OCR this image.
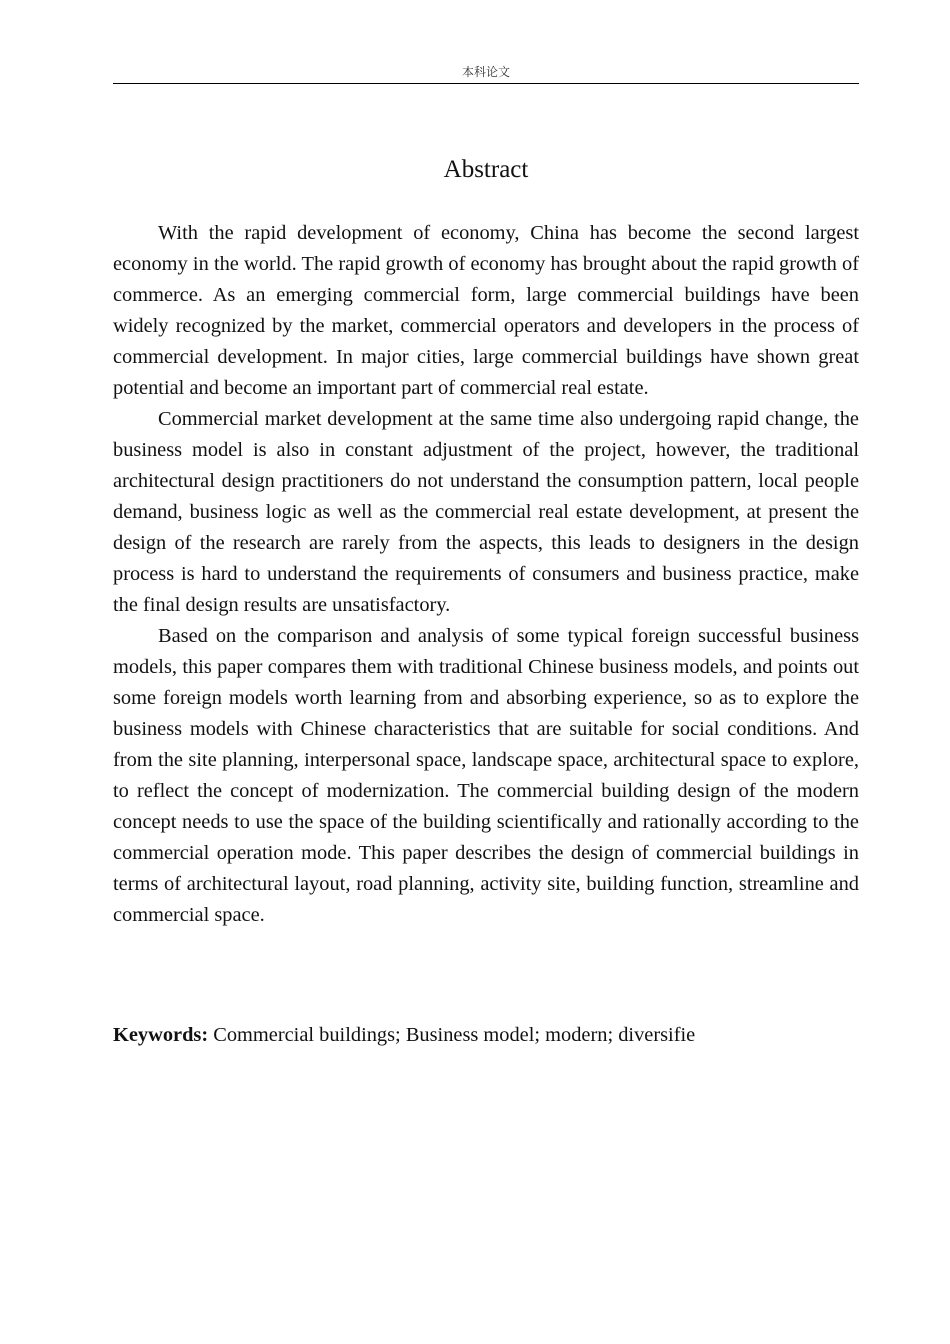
本科论文
Abstract

With the rapid development of economy, China has become the second largest economy in the world. The rapid growth of economy has brought about the rapid growth of commerce. As an emerging commercial form, large commercial buildings have been widely recognized by the market, commercial operators and developers in the process of commercial development. In major cities, large commercial buildings have shown great potential and become an important part of commercial real estate.

Commercial market development at the same time also undergoing rapid change, the business model is also in constant adjustment of the project, however, the traditional architectural design practitioners do not understand the consumption pattern, local people demand, business logic as well as the commercial real estate development, at present the design of the research are rarely from the aspects, this leads to designers in the design process is hard to understand the requirements of consumers and business practice, make the final design results are unsatisfactory.

Based on the comparison and analysis of some typical foreign successful business models, this paper compares them with traditional Chinese business models, and points out some foreign models worth learning from and absorbing experience, so as to explore the business models with Chinese characteristics that are suitable for social conditions. And from the site planning, interpersonal space, landscape space, architectural space to explore, to reflect the concept of modernization. The commercial building design of the modern concept needs to use the space of the building scientifically and rationally according to the commercial operation mode. This paper describes the design of commercial buildings in terms of architectural layout, road planning, activity site, building function, streamline and commercial space.

Keywords: Commercial buildings; Business model; modern; diversifie
